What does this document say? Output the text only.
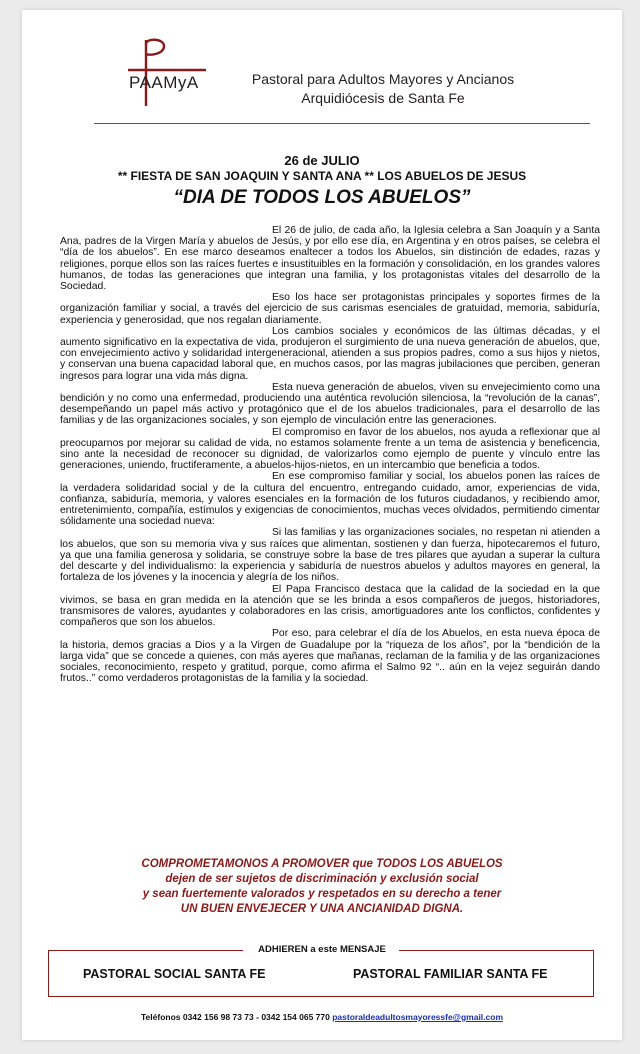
PAAMyA	Pastoral para Adultos Mayores y Ancianos
Arquidiócesis de Santa Fe
26 de JULIO
** FIESTA DE SAN JOAQUIN Y SANTA ANA ** LOS ABUELOS DE JESUS
“DIA DE TODOS LOS ABUELOS”

El 26 de julio, de cada año, la Iglesia celebra a San Joaquín y a Santa Ana, padres de la Virgen María y abuelos de Jesús, y por ello ese día, en Argentina y en otros países, se celebra el “día de los abuelos”. En ese marco deseamos enaltecer a todos los Abuelos, sin distinción de edades, razas y religiones, porque ellos son las raíces fuertes e insustituibles en la formación y consolidación, en los grandes valores humanos, de todas las generaciones que integran una familia, y los protagonistas vitales del desarrollo de la Sociedad.

Eso los hace ser protagonistas principales y soportes firmes de la organización familiar y social, a través del ejercicio de sus carismas esenciales de gratuidad, memoria, sabiduría, experiencia y generosidad, que nos regalan diariamente.

Los cambios sociales y económicos de las últimas décadas, y el aumento significativo en la expectativa de vida, produjeron el surgimiento de una nueva generación de abuelos, que, con envejecimiento activo y solidaridad intergeneracional, atienden a sus propios padres, como a sus hijos y nietos, y conservan una buena capacidad laboral que, en muchos casos, por las magras jubilaciones que perciben, generan ingresos para lograr una vida más digna.

Esta nueva generación de abuelos, viven su envejecimiento como una bendición y no como una enfermedad, produciendo una auténtica revolución silenciosa, la “revolución de la canas”, desempeñando un papel más activo y protagónico que el de los abuelos tradicionales, para el desarrollo de las familias y de las organizaciones sociales, y son ejemplo de vinculación entre las generaciones.

El compromiso en favor de los abuelos, nos ayuda a reflexionar que al preocuparnos por mejorar su calidad de vida, no estamos solamente frente a un tema de asistencia y beneficencia, sino ante la necesidad de reconocer su dignidad, de valorizarlos como ejemplo de puente y vínculo entre las generaciones, uniendo, fructiferamente, a abuelos-hijos-nietos, en un intercambio que beneficia a todos.

En ese compromiso familiar y social, los abuelos ponen las raíces de la verdadera solidaridad social y de la cultura del encuentro, entregando cuidado, amor, experiencias de vida, confianza, sabiduría, memoria, y valores esenciales en la formación de los futuros ciudadanos, y recibiendo amor, entretenimiento, compañía, estímulos y exigencias de conocimientos, muchas veces olvidados, permitiendo cimentar sólidamente una sociedad nueva:

Si las familias y las organizaciones sociales, no respetan ni atienden a los abuelos, que son su memoria viva y sus raíces que alimentan, sostienen y dan fuerza, hipotecaremos el futuro, ya que una familia generosa y solidaria, se construye sobre la base de tres pilares que ayudan a superar la cultura del descarte y del individualismo: la experiencia y sabiduría de nuestros abuelos y adultos mayores en general, la fortaleza de los jóvenes y la inocencia y alegría de los niños.

El Papa Francisco destaca que la calidad de la sociedad en la que vivimos, se basa en gran medida en la atención que se les brinda a esos compañeros de juegos, historiadores, transmisores de valores, ayudantes y colaboradores en las crisis, amortiguadores ante los conflictos, confidentes y compañeros que son los abuelos.

Por eso, para celebrar el día de los Abuelos, en esta nueva época de la historia, demos gracias a Dios y a la Virgen de Guadalupe por la “riqueza de los años”, por la “bendición de la larga vida” que se concede a quienes, con más ayeres que mañanas, reclaman de la familia y de las organizaciones sociales, reconocimiento, respeto y gratitud, porque, como afirma el Salmo 92 “.. aún en la vejez seguirán dando frutos..” como verdaderos protagonistas de la familia y la sociedad.

COMPROMETAMONOS A PROMOVER que TODOS LOS ABUELOS
dejen de ser sujetos de discriminación y exclusión social
y sean fuertemente valorados y respetados en su derecho a tener
UN BUEN ENVEJECER Y UNA ANCIANIDAD DIGNA.
ADHIEREN a este MENSAJE
PASTORAL SOCIAL SANTA FE	PASTORAL FAMILIAR SANTA FE
Teléfonos 0342 156 98 73 73 - 0342 154 065 770 pastoraldeadultosmayoressfe@gmail.com
